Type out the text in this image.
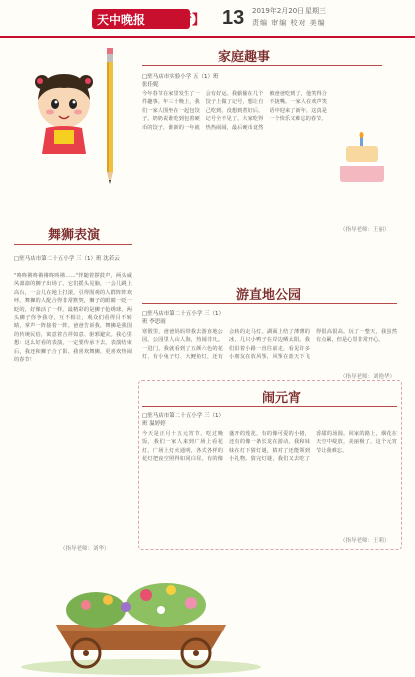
天中晚报
【小记者】 13 2019年2月20日 星期三
责编 审编 校对 美编
舞狮表演
□驻马店市第二十五小学 三（1）班 沈若云
"咚咚锵咚锵锵咚咚锵……"伴随着锣鼓声，两头威风凛凛的狮子出场了。它们摇头晃脑，一会儿跳上高台，一会儿在地上打滚，引得围观的人群阵阵欢呼。舞狮的人配合得非常默契，狮子的眼睛一眨一眨的，好像活了一样。最精彩的是狮子抢绣球，两头狮子你争我夺，互不相让，观众们看得目不转睛，掌声一阵接着一阵。爸爸告诉我，舞狮是我国的传统民俗，寓意着吉祥如意、驱邪避灾。我心里想：这么好看的表演，一定要传承下去。表演结束后，我还和狮子合了影。我喜欢舞狮，更喜欢热闹的春节！
（指导老师：刘华）
家庭趣事
□驻马店市实验小学 五（1）班 张佳妮
今年春节在家里发生了一件趣事。年三十晚上，我们一家人围坐在一起包饺子。奶奶说谁吃到包着硬币的饺子，谁新的一年就会有好运。我偷偷在几个饺子上做了记号，想让自己吃到。没想到煮好后，记号全不见了。大家吃得热热闹闹，最后硬币竟然被爸爸吃到了，他笑得合不拢嘴。一家人在欢声笑语中迎来了新年，这真是一个快乐又难忘的春节。
（指导老师：王丽）
游直地公园
□驻马店市第二十五小学 三（1）班 李思雨
寒假里，爸爸妈妈带我去游直地公园。公园里人山人海，热闹非凡。一进门，我就看到了五颜六色的花灯，有小兔子灯、大鲤鱼灯，还有会转的走马灯。湖面上结了薄薄的冰，几只小鸭子在岸边晒太阳。我们沿着小路一直往前走，看见许多小朋友在放风筝，风筝在蓝天下飞得很高很高。玩了一整天，我虽然有点累，但是心里非常开心。
（指导老师：刘艳华）
闹元宵
□驻马店市第二十五小学 三（1）班 温婷婷
今天是正月十五元宵节，吃过晚饭，我们一家人来到广场上看花灯。广场上灯火通明，各式各样的花灯把夜空照得如同白昼。有的像盛开的莲花，有的像可爱的小猪，还有的像一条长龙在游动。我和妹妹在灯下猜灯谜，猜对了还能领到小礼物。猜完灯谜，我们又去吃了香甜的汤圆。回家的路上，烟花在天空中绽放，美丽极了。这个元宵节让我难忘。
（指导老师：王莉）
